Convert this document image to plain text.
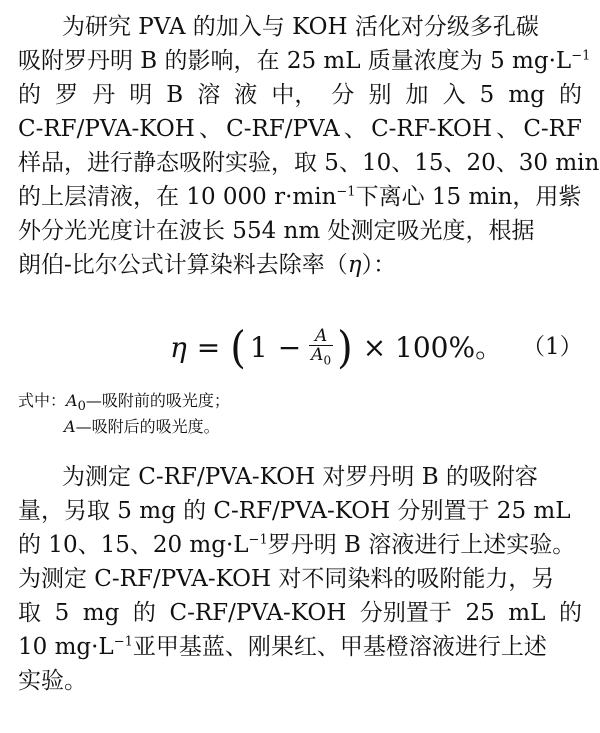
为研究 PVA 的加入与 KOH 活化对分级多孔碳
吸附罗丹明 B 的影响，在 25 mL 质量浓度为 5 $mg\cdot L^{-1}$
的 罗 丹 明 B 溶 液 中， 分 别 加 入 5 mg 的
C-RF/PVA-KOH 、 C-RF/PVA 、 C-RF-KOH 、 C-RF
样品，进行静态吸附实验，取 5、10、15、20、30 min
的上层清液，在 10 000 $r\cdot\min^{-1}$下离心 15 min，用紫
外分光光度计在波长 554 nm 处测定吸光度，根据
朗伯-比尔公式计算染料去除率（η）：
η = ( $1 - \frac{A}{A_0}$ ) × 100%。 （1）
式中：$A_0—$吸附前的吸光度；
A—吸附后的吸光度。
为测定 C-RF/PVA-KOH 对罗丹明 B 的吸附容
量，另取 5 mg 的 C-RF/PVA-KOH 分别置于 25 mL
的 10、15、20 $mg\cdot L^{-1}$罗丹明 B 溶液进行上述实验。
为测定 C-RF/PVA-KOH 对不同染料的吸附能力，另
取 5 mg 的 C-RF/PVA-KOH 分别置于 25 mL 的
10 $mg\cdot L^{-1}$亚甲基蓝、刚果红、甲基橙溶液进行上述
实验。
